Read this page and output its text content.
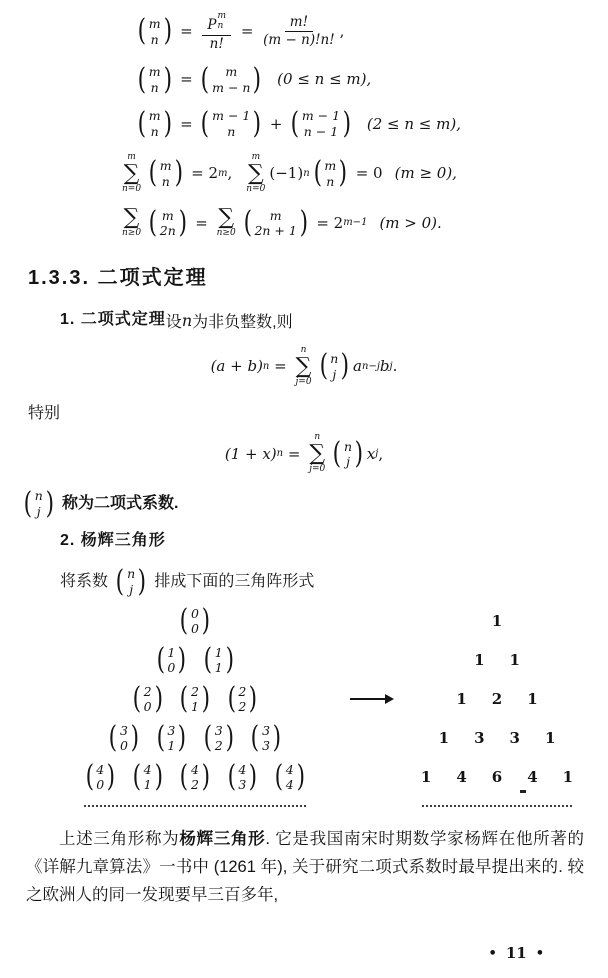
( m
n ) = P
m
n
n! = $\frac{m!}{(m - n)!n!}$ ,
( m
n ) = ( m
m − n ) (0 ≤ n ≤ m),
( m
n ) = ( m − 1
n ) + ( m − 1
n − 1 ) (2 ≤ n ≤ m),
m
∑
n=0 ( m
n ) = 2 m ,
m
∑
n=0
(−1) n ( m
n ) = 0 (m ≥ 0),
∑
n≥0 ( m
2n ) = ∑
n≥0 ( m
2n + 1 ) = 2 m−1 (m > 0).
1.3.3. 二项式定理
1. 二项式定理 设 n 为非负整数,则
(a + b) n =
n
∑
j=0 ( n
j ) a n−j b j .
特别
(1 + x) n =
n
∑
j=0 ( n
j ) x j ,
( n
j ) 称为二项式系数.
2. 杨辉三角形
将系数 ( n
j ) 排成下面的三角阵形式
( 0
0 )
( 1
0 ) ( 1
1 )
( 2
0 ) ( 2
1 ) ( 2
2 )
( 3
0 ) ( 3
1 ) ( 3
2 ) ( 3
3 )
( 4
0 ) ( 4
1 ) ( 4
2 ) ( 4
3 ) ( 4
4 )
1
1 1
1 2 1
1 3 3 1
1 4 6 4 1
上述三角形称为杨辉三角形. 它是我国南宋时期数学家杨辉在他所著的《详解九章算法》一书中 (1261 年), 关于研究二项式系数时最早提出来的. 较之欧洲人的同一发现要早三百多年,
• 11 •
